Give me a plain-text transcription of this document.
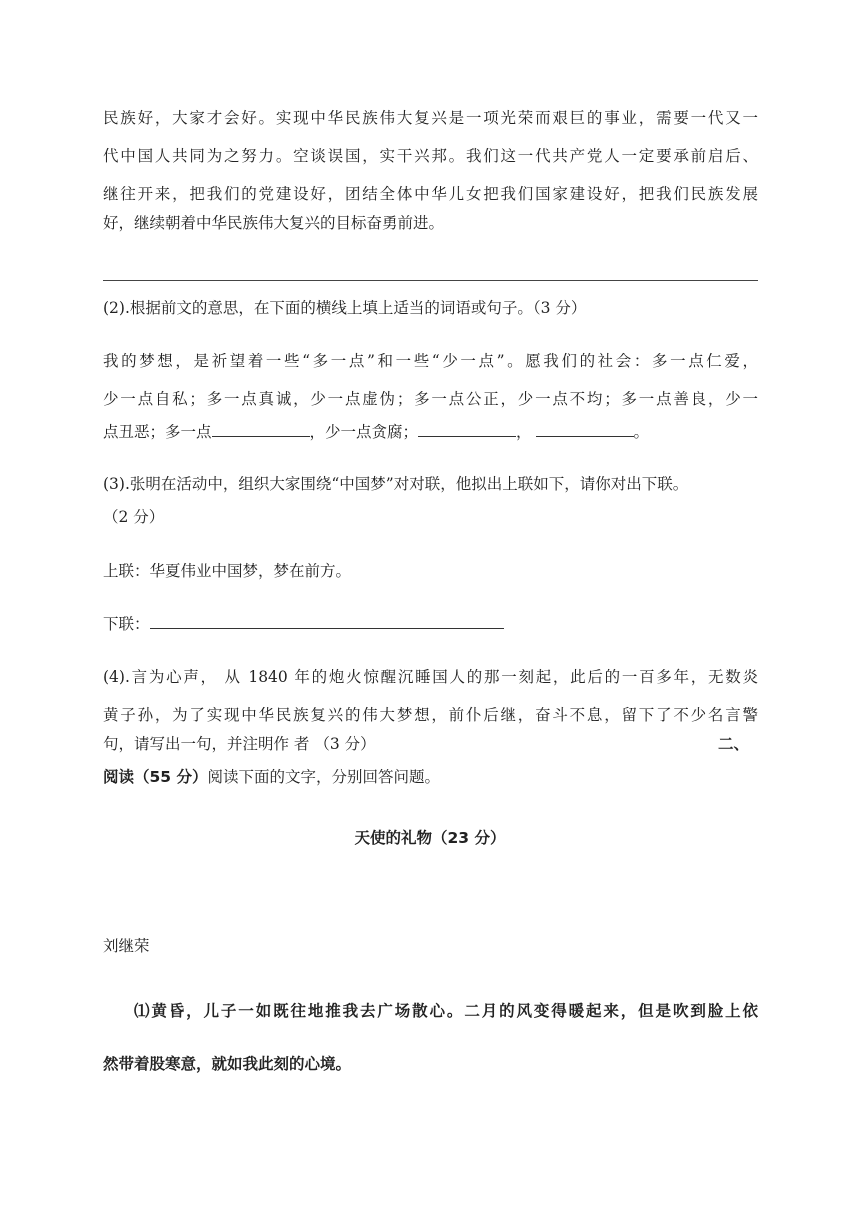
民族好，大家才会好。实现中华民族伟大复兴是一项光荣而艰巨的事业，需要一代又一
代中国人共同为之努力。空谈误国，实干兴邦。我们这一代共产党人一定要承前启后、
继往开来，把我们的党建设好，团结全体中华儿女把我们国家建设好，把我们民族发展
好，继续朝着中华民族伟大复兴的目标奋勇前进。
(2).根据前文的意思，在下面的横线上填上适当的词语或句子。（3 分）
我的梦想，是祈望着一些“多一点”和一些“少一点”。愿我们的社会：多一点仁爱，
少一点自私；多一点真诚，少一点虚伪；多一点公正，少一点不均；多一点善良，少一
点丑恶；多一点	，少一点贪腐；	，	。
(3).张明在活动中，组织大家围绕“中国梦”对对联，他拟出上联如下，请你对出下联。
（2 分）
上联：华夏伟业中国梦，梦在前方。
下联：
(4).言为心声， 从 1840 年的炮火惊醒沉睡国人的那一刻起，此后的一百多年，无数炎
黄子孙，为了实现中华民族复兴的伟大梦想，前仆后继，奋斗不息，留下了不少名言警
句，请写出一句，并注明作 者 （3 分）	二、
阅读（55 分）阅读下面的文字，分别回答问题。
天使的礼物（23 分）
刘继荣
⑴黄昏，儿子一如既往地推我去广场散心。二月的风变得暖起来，但是吹到脸上依
然带着股寒意，就如我此刻的心境。
